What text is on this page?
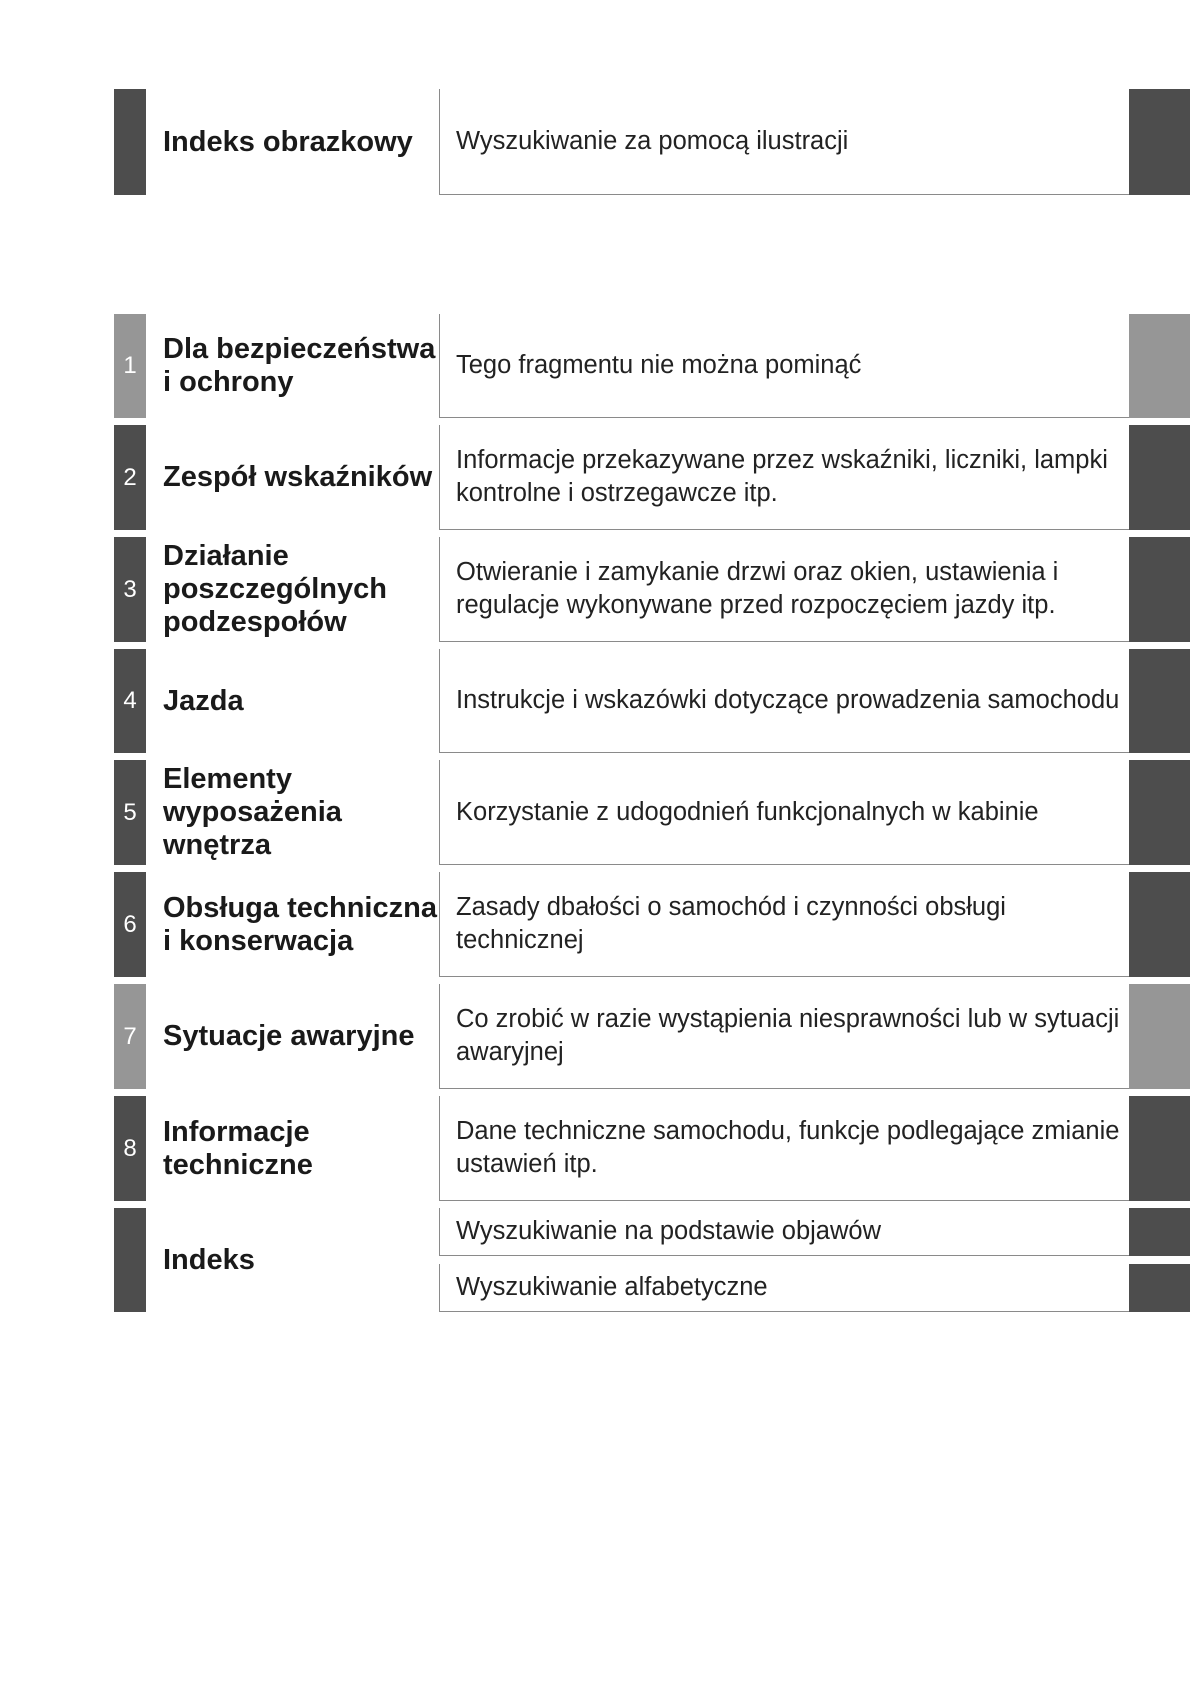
Indeks obrazkowy	Wyszukiwanie za pomocą ilustracji
1
Dla bezpieczeństwa i ochrony
Tego fragmentu nie można pominąć
2 Zespół wskaźników
Informacje przekazywane przez wskaźniki, liczniki, lampki kontrolne i ostrzegawcze itp.
3
Działanie poszczególnych podzespołów
Otwieranie i zamykanie drzwi oraz okien, ustawienia i regulacje wykonywane przed rozpoczęciem jazdy itp.
4 Jazda	Instrukcje i wskazówki dotyczące prowadzenia samochodu
5
Elementy wyposażenia wnętrza
Korzystanie z udogodnień funkcjonalnych w kabinie
6
Obsługa techniczna i konserwacja
Zasady dbałości o samochód i czynności obsługi technicznej
7 Sytuacje awaryjne
Co zrobić w razie wystąpienia niesprawności lub w sytuacji awaryjnej
8
Informacje techniczne
Dane techniczne samochodu, funkcje podlegające zmianie ustawień itp.
Indeks
Wyszukiwanie na podstawie objawów
Wyszukiwanie alfabetyczne
